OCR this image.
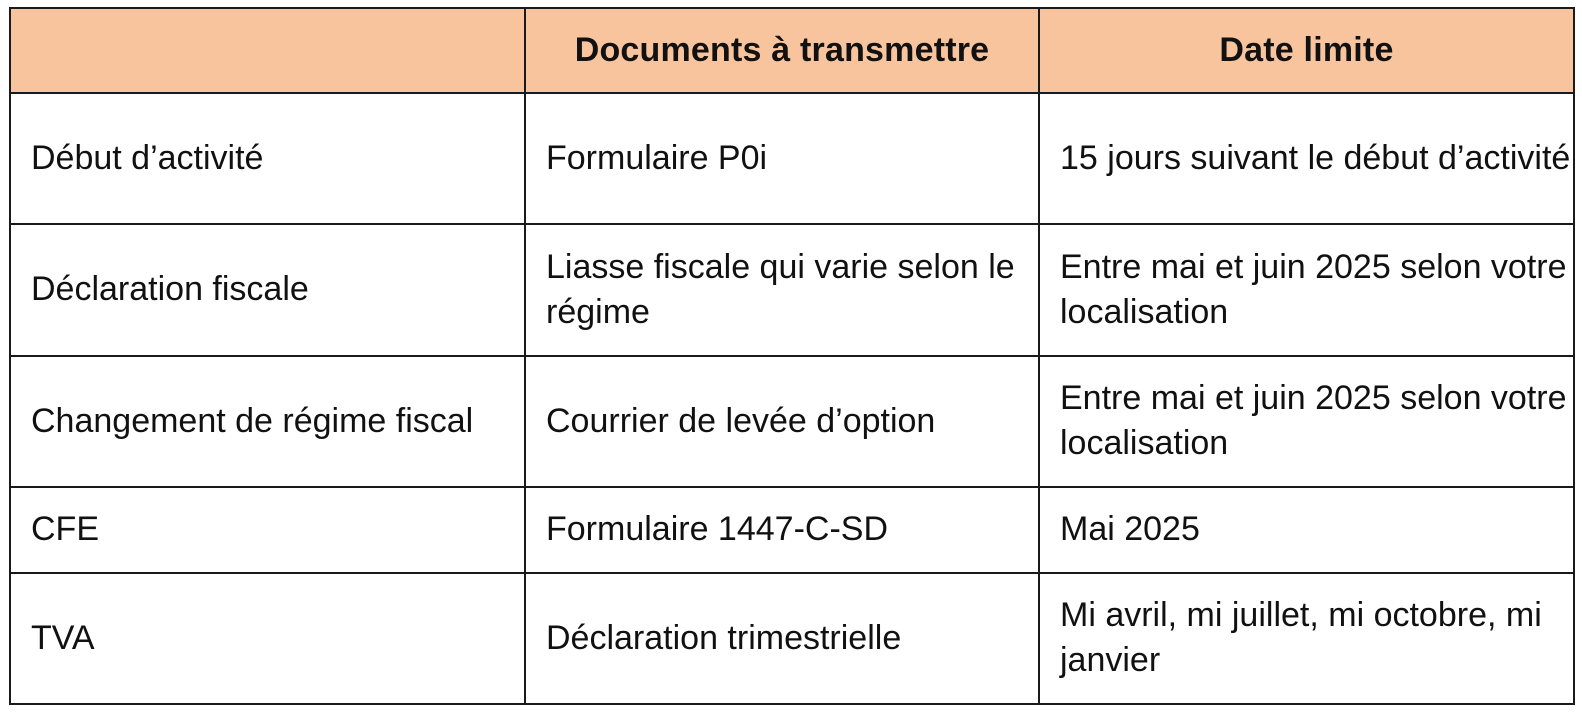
	Documents à transmettre	Date limite
Début d’activité	Formulaire P0i	15 jours suivant le début d’activité
Déclaration fiscale	Liasse fiscale qui varie selon le régime	Entre mai et juin 2025 selon votre localisation
Changement de régime fiscal	Courrier de levée d’option	Entre mai et juin 2025 selon votre localisation
CFE	Formulaire 1447-C-SD	Mai 2025
TVA	Déclaration trimestrielle	Mi avril, mi juillet, mi octobre, mi janvier
